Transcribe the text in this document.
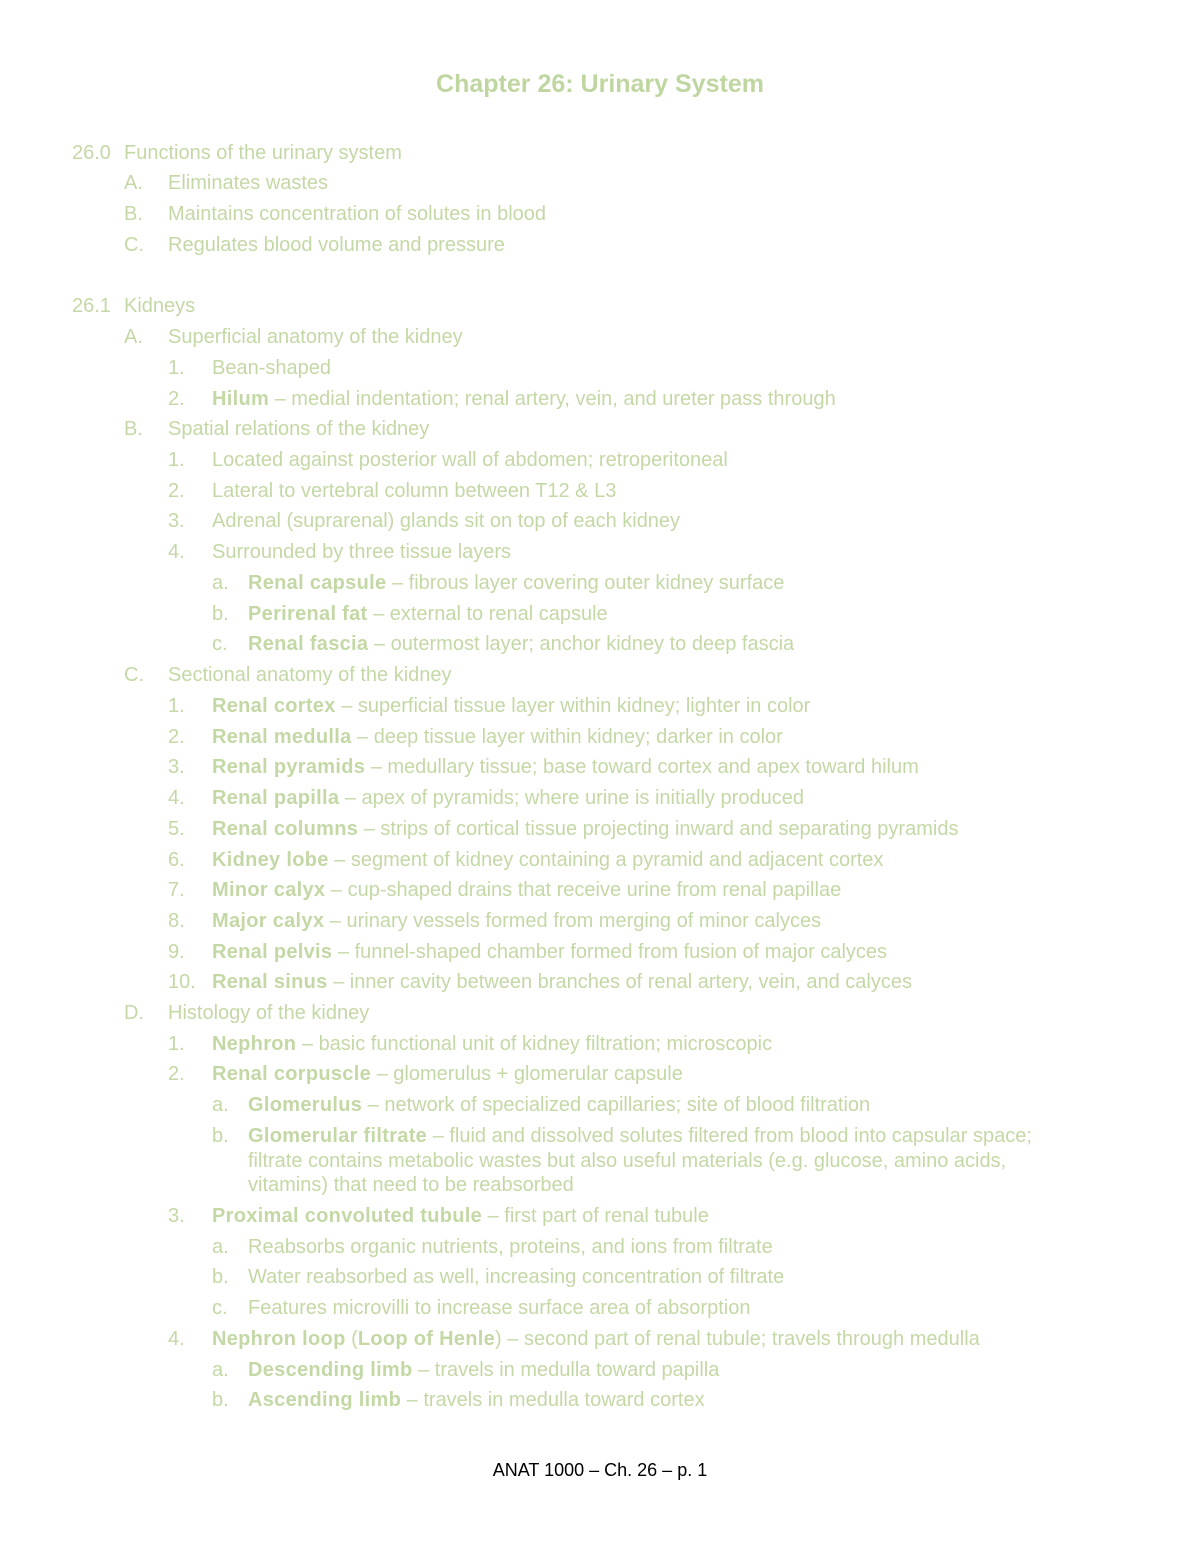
Chapter 26: Urinary System
26.0 Functions of the urinary system
A. Eliminates wastes
B. Maintains concentration of solutes in blood
C. Regulates blood volume and pressure
26.1 Kidneys
A. Superficial anatomy of the kidney
1. Bean-shaped
2. Hilum – medial indentation; renal artery, vein, and ureter pass through
B. Spatial relations of the kidney
1. Located against posterior wall of abdomen; retroperitoneal
2. Lateral to vertebral column between T12 & L3
3. Adrenal (suprarenal) glands sit on top of each kidney
4. Surrounded by three tissue layers
a. Renal capsule – fibrous layer covering outer kidney surface
b. Perirenal fat – external to renal capsule
c. Renal fascia – outermost layer; anchor kidney to deep fascia
C. Sectional anatomy of the kidney
1. Renal cortex – superficial tissue layer within kidney; lighter in color
2. Renal medulla – deep tissue layer within kidney; darker in color
3. Renal pyramids – medullary tissue; base toward cortex and apex toward hilum
4. Renal papilla – apex of pyramids; where urine is initially produced
5. Renal columns – strips of cortical tissue projecting inward and separating pyramids
6. Kidney lobe – segment of kidney containing a pyramid and adjacent cortex
7. Minor calyx – cup-shaped drains that receive urine from renal papillae
8. Major calyx – urinary vessels formed from merging of minor calyces
9. Renal pelvis – funnel-shaped chamber formed from fusion of major calyces
10. Renal sinus – inner cavity between branches of renal artery, vein, and calyces
D. Histology of the kidney
1. Nephron – basic functional unit of kidney filtration; microscopic
2. Renal corpuscle – glomerulus + glomerular capsule
a. Glomerulus – network of specialized capillaries; site of blood filtration
b. Glomerular filtrate – fluid and dissolved solutes filtered from blood into capsular space;
filtrate contains metabolic wastes but also useful materials (e.g. glucose, amino acids,
vitamins) that need to be reabsorbed
3. Proximal convoluted tubule – first part of renal tubule
a. Reabsorbs organic nutrients, proteins, and ions from filtrate
b. Water reabsorbed as well, increasing concentration of filtrate
c. Features microvilli to increase surface area of absorption
4. Nephron loop (Loop of Henle) – second part of renal tubule; travels through medulla
a. Descending limb – travels in medulla toward papilla
b. Ascending limb – travels in medulla toward cortex
ANAT 1000 – Ch. 26 – p. 1
